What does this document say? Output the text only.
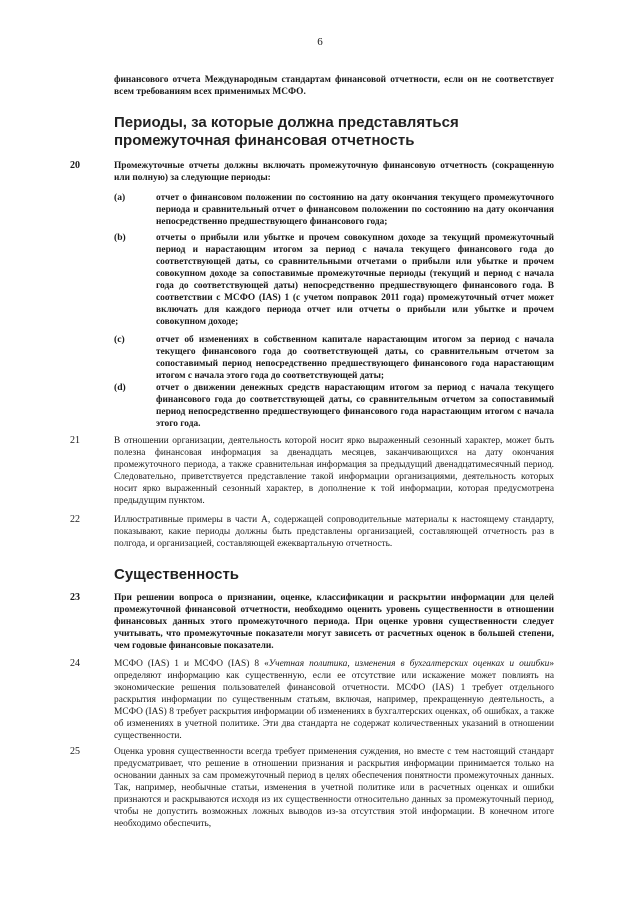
6
финансового отчета Международным стандартам финансовой отчетности, если он не соответствует всем требованиям всех применимых МСФО.
Периоды, за которые должна представляться промежуточная финансовая отчетность
20	Промежуточные отчеты должны включать промежуточную финансовую отчетность (сокращенную или полную) за следующие периоды:
(a)	отчет о финансовом положении по состоянию на дату окончания текущего промежуточного периода и сравнительный отчет о финансовом положении по состоянию на дату окончания непосредственно предшествующего финансового года;
(b)	отчеты о прибыли или убытке и прочем совокупном доходе за текущий промежуточный период и нарастающим итогом за период с начала текущего финансового года до соответствующей даты, со сравнительными отчетами о прибыли или убытке и прочем совокупном доходе за сопоставимые промежуточные периоды (текущий и период с начала года до соответствующей даты) непосредственно предшествующего финансового года. В соответствии с МСФО (IAS) 1 (с учетом поправок 2011 года) промежуточный отчет может включать для каждого периода отчет или отчеты о прибыли или убытке и прочем совокупном доходе;
(c)	отчет об изменениях в собственном капитале нарастающим итогом за период с начала текущего финансового года до соответствующей даты, со сравнительным отчетом за сопоставимый период непосредственно предшествующего финансового года нарастающим итогом с начала этого года до соответствующей даты;
(d)	отчет о движении денежных средств нарастающим итогом за период с начала текущего финансового года до соответствующей даты, со сравнительным отчетом за сопоставимый период непосредственно предшествующего финансового года нарастающим итогом с начала этого года.
21	В отношении организации, деятельность которой носит ярко выраженный сезонный характер, может быть полезна финансовая информация за двенадцать месяцев, заканчивающихся на дату окончания промежуточного периода, а также сравнительная информация за предыдущий двенадцатимесячный период. Следовательно, приветствуется представление такой информации организациями, деятельность которых носит ярко выраженный сезонный характер, в дополнение к той информации, которая предусмотрена предыдущим пунктом.
22	Иллюстративные примеры в части А, содержащей сопроводительные материалы к настоящему стандарту, показывают, какие периоды должны быть представлены организацией, составляющей отчетность раз в полгода, и организацией, составляющей ежеквартальную отчетность.
Существенность
23	При решении вопроса о признании, оценке, классификации и раскрытии информации для целей промежуточной финансовой отчетности, необходимо оценить уровень существенности в отношении финансовых данных этого промежуточного периода. При оценке уровня существенности следует учитывать, что промежуточные показатели могут зависеть от расчетных оценок в большей степени, чем годовые финансовые показатели.
24	МСФО (IAS) 1 и МСФО (IAS) 8 «Учетная политика, изменения в бухгалтерских оценках и ошибки» определяют информацию как существенную, если ее отсутствие или искажение может повлиять на экономические решения пользователей финансовой отчетности. МСФО (IAS) 1 требует отдельного раскрытия информации по существенным статьям, включая, например, прекращенную деятельность, а МСФО (IAS) 8 требует раскрытия информации об изменениях в бухгалтерских оценках, об ошибках, а также об изменениях в учетной политике. Эти два стандарта не содержат количественных указаний в отношении существенности.
25	Оценка уровня существенности всегда требует применения суждения, но вместе с тем настоящий стандарт предусматривает, что решение в отношении признания и раскрытия информации принимается только на основании данных за сам промежуточный период в целях обеспечения понятности промежуточных данных. Так, например, необычные статьи, изменения в учетной политике или в расчетных оценках и ошибки признаются и раскрываются исходя из их существенности относительно данных за промежуточный период, чтобы не допустить возможных ложных выводов из-за отсутствия этой информации. В конечном итоге необходимо обеспечить,
